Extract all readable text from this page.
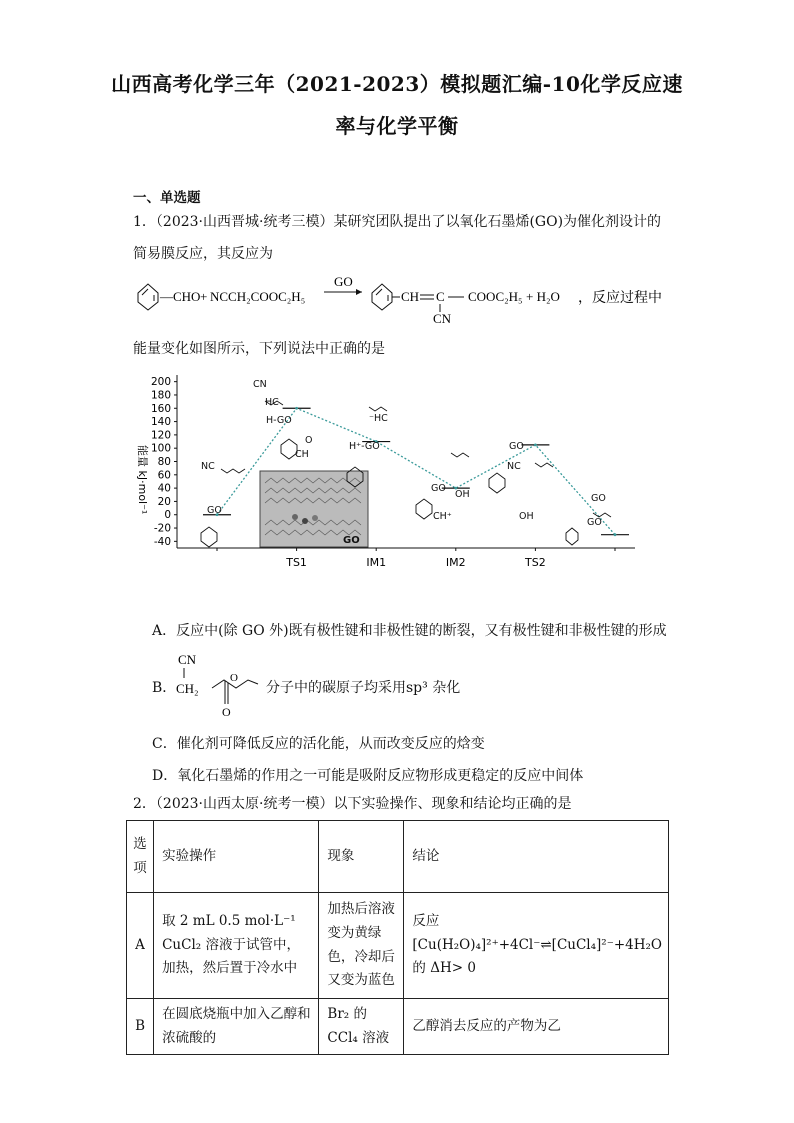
山西高考化学三年（2021-2023）模拟题汇编-10化学反应速
率与化学平衡
一、单选题
1．（2023·山西晋城·统考三模）某研究团队提出了以氧化石墨烯(GO)为催化剂设计的
简易膜反应，其反应为
—CHO + NCCH₂COOC₂H₅
GO
CH C COOC₂H₅ + H₂O
CN
，反应过程中
能量变化如图所示，下列说法中正确的是
200
180
160
140
120
100
80
60
40
20
0
-20
-40
TS1	IM1	IM2	TS2
能量 kJ·mol⁻¹
GO
GO
H-GO
H⁺-GO
GO
GO
GO
NC
CN
HC
⁻HC
CH
CH⁺
OH
OH
O
NC
GO
A．反应中(除 GO 外)既有极性键和非极性键的断裂，又有极性键和非极性键的形成
B．
CN
CH₂
O
O
分子中的碳原子均采用sp³ 杂化
C．催化剂可降低反应的活化能，从而改变反应的焓变
D．氧化石墨烯的作用之一可能是吸附反应物形成更稳定的反应中间体
2．（2023·山西太原·统考一模）以下实验操作、现象和结论均正确的是
选项	实验操作	现象	结论
A	取 2 mL 0.5 mol·L⁻¹ CuCl₂ 溶液于试管中，加热，然后置于冷水中	加热后溶液变为黄绿色，冷却后又变为蓝色	反应[Cu(H₂O)₄]²⁺+4Cl⁻⇌[CuCl₄]²⁻+4H₂O 的 ΔH> 0
B	在圆底烧瓶中加入乙醇和浓硫酸的	Br₂ 的 CCl₄ 溶液	乙醇消去反应的产物为乙
